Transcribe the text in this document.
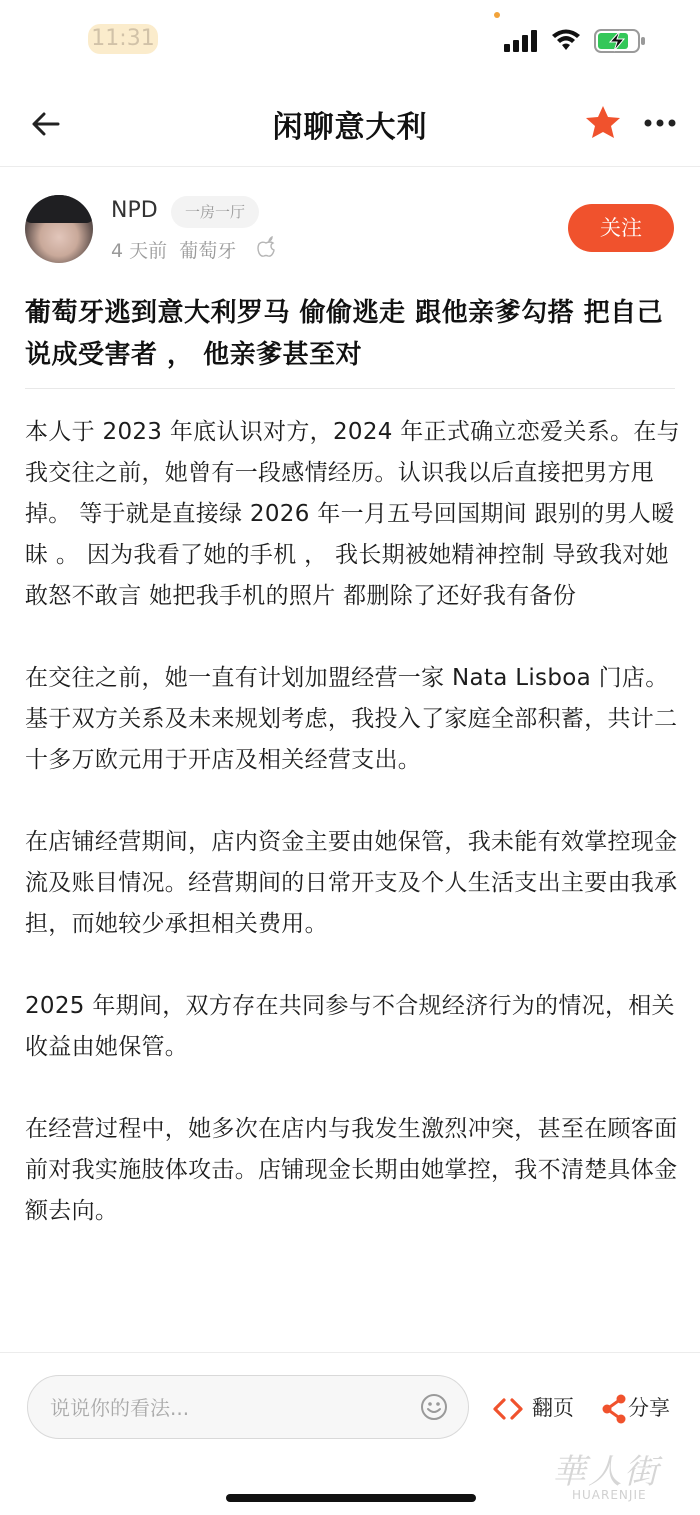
11:31
闲聊意大利
NPD	一房一厅
4 天前 葡萄牙
关注
葡萄牙逃到意大利罗马 偷偷逃走 跟他亲爹勾搭 把自己说成受害者 ， 他亲爹甚至对

本人于 2023 年底认识对方，2024 年正式确立恋爱关系。在与我交往之前，她曾有一段感情经历。认识我以后直接把男方甩掉。 等于就是直接绿 2026 年一月五号回国期间 跟别的男人暧昧 。 因为我看了她的手机 ， 我长期被她精神控制 导致我对她 敢怒不敢言 她把我手机的照片 都删除了还好我有备份

在交往之前，她一直有计划加盟经营一家 Nata Lisboa 门店。基于双方关系及未来规划考虑，我投入了家庭全部积蓄，共计二十多万欧元用于开店及相关经营支出。

在店铺经营期间，店内资金主要由她保管，我未能有效掌控现金流及账目情况。经营期间的日常开支及个人生活支出主要由我承担，而她较少承担相关费用。

2025 年期间，双方存在共同参与不合规经济行为的情况，相关收益由她保管。

在经营过程中，她多次在店内与我发生激烈冲突，甚至在顾客面前对我实施肢体攻击。店铺现金长期由她掌控，我不清楚具体金额去向。

说说你的看法...
翻页	分享
華人街
HUARENJIE
